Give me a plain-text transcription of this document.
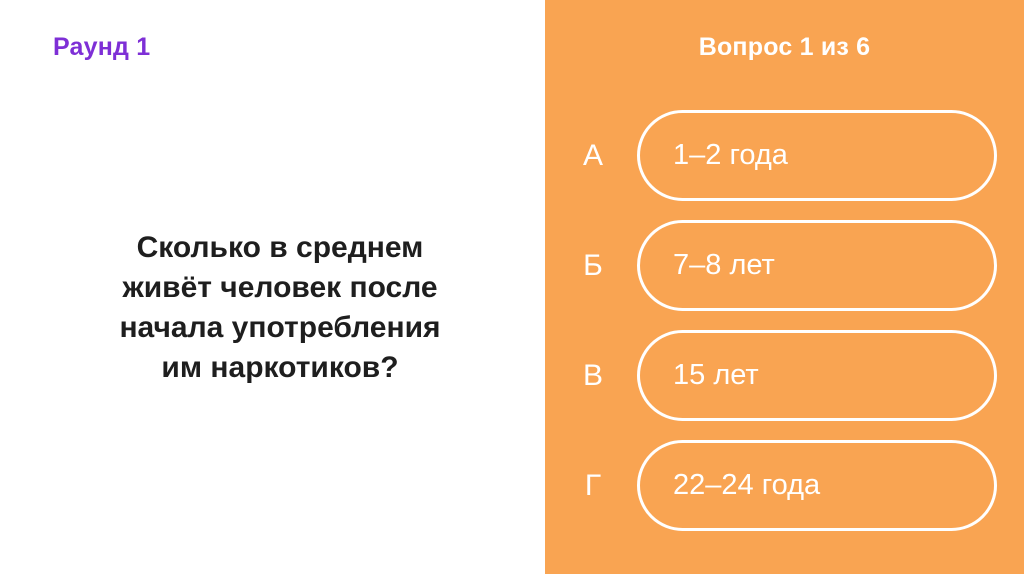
Раунд 1
Сколько в среднем
живёт человек после
начала употребления
им наркотиков?
Вопрос 1 из 6
А	1–2 года
Б	7–8 лет
В	15 лет
Г	22–24 года
